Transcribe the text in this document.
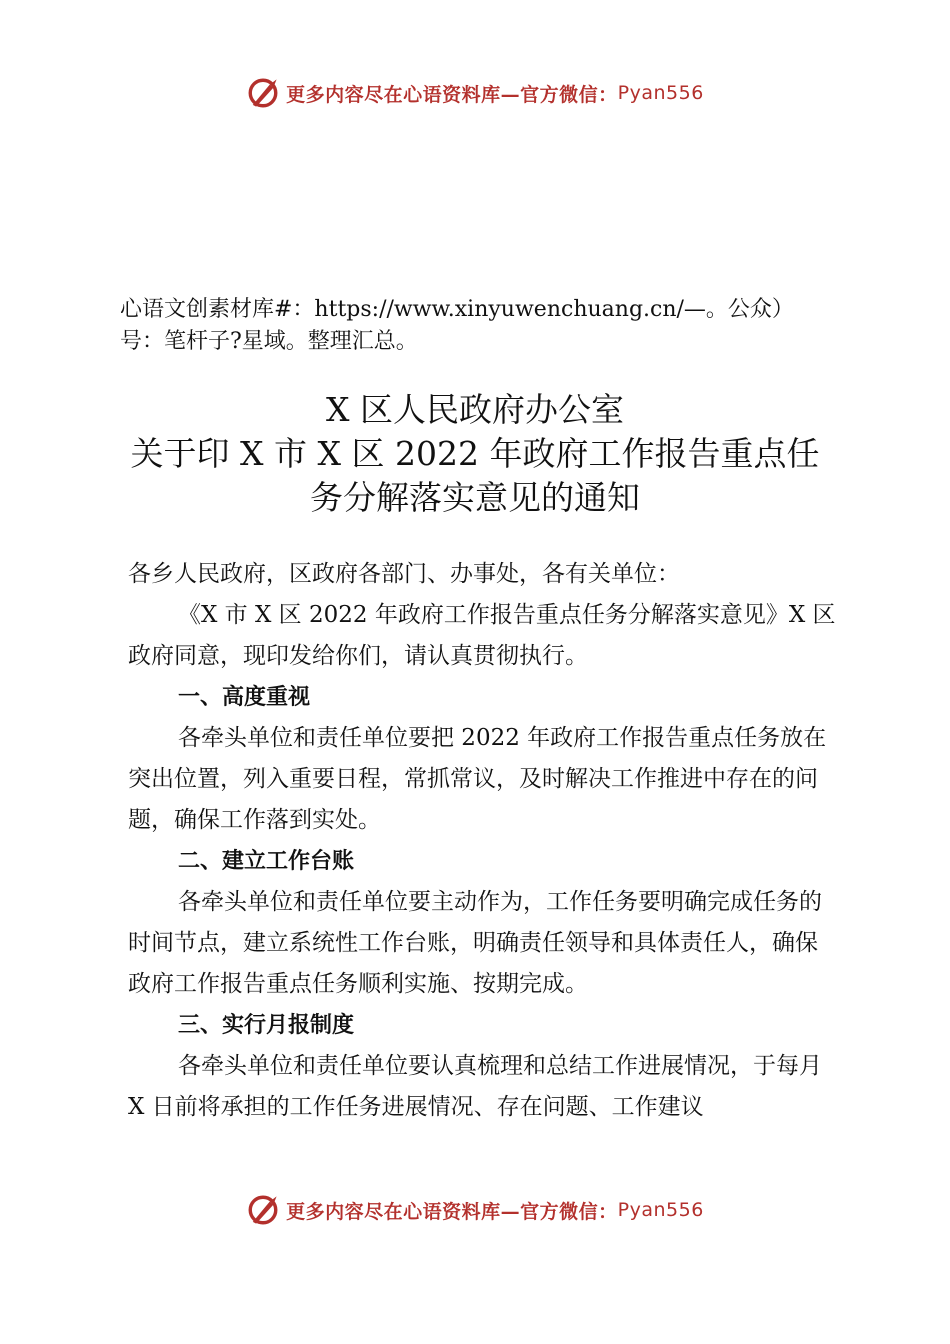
更多内容尽在心语资料库—官方微信： Pyan556
心语文创素材库#：https://www.xinyuwenchuang.cn/—。公众）
号：笔杆子?星域。整理汇总。
X 区人民政府办公室
关于印 X 市 X 区 2022 年政府工作报告重点任
务分解落实意见的通知

各乡人民政府，区政府各部门、办事处，各有关单位：

《X 市 X 区 2022 年政府工作报告重点任务分解落实意见》X 区政府同意，现印发给你们，请认真贯彻执行。

一、高度重视

各牵头单位和责任单位要把 2022 年政府工作报告重点任务放在突出位置，列入重要日程，常抓常议，及时解决工作推进中存在的问题，确保工作落到实处。

二、建立工作台账

各牵头单位和责任单位要主动作为，工作任务要明确完成任务的时间节点，建立系统性工作台账，明确责任领导和具体责任人，确保政府工作报告重点任务顺利实施、按期完成。

三、实行月报制度

各牵头单位和责任单位要认真梳理和总结工作进展情况，于每月 X 日前将承担的工作任务进展情况、存在问题、工作建议

更多内容尽在心语资料库—官方微信： Pyan556
